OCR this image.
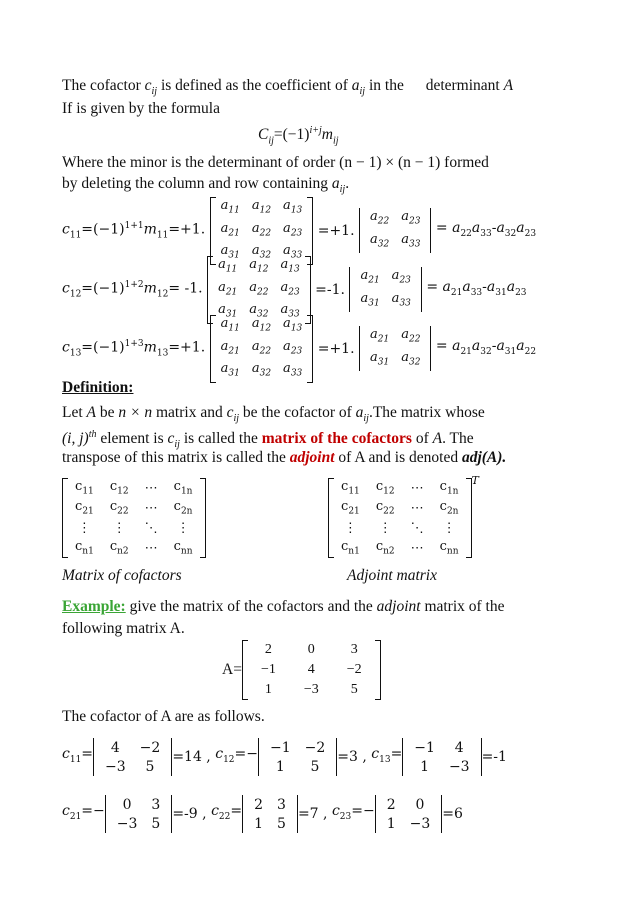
The cofactor $c_{ij}$ is defined as the coefficient of $a_{ij}$ in the determinant A
If is given by the formula
$C_{ij}=(-1)^{i+j}m_{ij}$
Where the minor is the determinant of order (n − 1) × (n − 1) formed
by deleting the column and row containing $a_{ij}$.
$c_{11}=(-1)^{1+1}m_{11}=+1$.
$a_{11}$	$a_{12}$	$a_{13}$
$a_{21}$	$a_{22}$	$a_{23}$
$a_{31}$	$a_{32}$	$a_{33}$
=+1.
$a_{22}$	$a_{23}$
$a_{32}$	$a_{33}$
= $a_{22}a_{33}-a_{32}a_{23}$
$c_{12}=(-1)^{1+2}m_{12}= -1$.
$a_{11}$	$a_{12}$	$a_{13}$
$a_{21}$	$a_{22}$	$a_{23}$
$a_{31}$	$a_{32}$	$a_{33}$
=-1.
$a_{21}$	$a_{23}$
$a_{31}$	$a_{33}$
= $a_{21}a_{33}-a_{31}a_{23}$
$c_{13}=(-1)^{1+3}m_{13}=+1$.
$a_{11}$	$a_{12}$	$a_{13}$
$a_{21}$	$a_{22}$	$a_{23}$
$a_{31}$	$a_{32}$	$a_{33}$
=+1.
$a_{21}$	$a_{22}$
$a_{31}$	$a_{32}$
= $a_{21}a_{32}-a_{31}a_{22}$
Definition:
Let A be n × n matrix and $c_{ij}$ be the cofactor of $a_{ij}.The$ matrix whose
(i, j)$^{th}$ element is $c_{ij}$ is called the matrix of the cofactors of A. The
transpose of this matrix is called the adjoint of A and is denoted adj(A).
$c_{11}$	$c_{12}$	⋯	$c_{1n}$
$c_{21}$	$c_{22}$	⋯	$c_{2n}$
⋮	⋮	⋱	⋮
$c_{n1}$	$c_{n2}$	⋯	$c_{nn}$
$c_{11}$	$c_{12}$	⋯	$c_{1n}$
$c_{21}$	$c_{22}$	⋯	$c_{2n}$
⋮	⋮	⋱	⋮
$c_{n1}$	$c_{n2}$	⋯	$c_{nn}$
T
Matrix of cofactors	Adjoint matrix
Example: give the matrix of the cofactors and the adjoint matrix of the
following matrix A.
A=
2	0	3
−1	4	−2
1	−3	5
The cofactor of A are as follows.
$c_{11}= 4$	−2
−3	5
=14 , $c_{12}=- -1$	−2
1	5
=3 , $c_{13}= -1$	4
1	−3
=-1
$c_{21}=- 0$	3
−3	5
=-9 , $c_{22}= 2$	3
1	5
=7 , $c_{23}=- 2$	0
1	−3
=6
